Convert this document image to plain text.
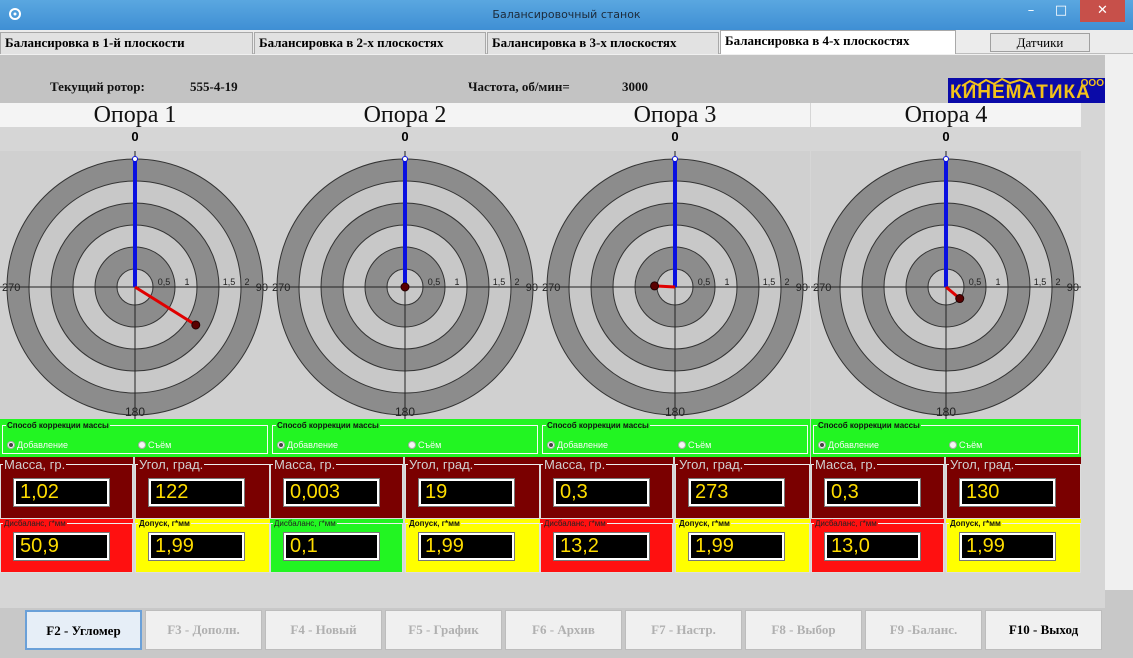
Балансировочный станок	–	□	✕
Балансировка в 1-й плоскости	Балансировка в 2-х плоскостях	Балансировка в 3-х плоскостях	Балансировка в 4-х плоскостях	Датчики
Текущий ротор:	555-4-19	Частота, об/мин=	3000	КИНЕМАТИКА
ООО
Опора 1
270	90
180
0,5 1	1,5 2
0
Способ коррекции массы
Добавление	Съём
Масса, гр.
1,02
Угол, град.
122
Дисбаланс, г*мм
50,9
Допуск, г*мм
1,99
Опора 2
270	90
180
0,5 1	1,5 2
0
Способ коррекции массы
Добавление	Съём
Масса, гр.
0,003
Угол, град.
19
Дисбаланс, г*мм
0,1
Допуск, г*мм
1,99
Опора 3
270	90
180
0,5 1	1,5 2
0
Способ коррекции массы
Добавление	Съём
Масса, гр.
0,3
Угол, град.
273
Дисбаланс, г*мм
13,2
Допуск, г*мм
1,99
Опора 4
270	90
180
0,5 1	1,5 2
0
Способ коррекции массы
Добавление	Съём
Масса, гр.
0,3
Угол, град.
130
Дисбаланс, г*мм
13,0
Допуск, г*мм
1,99
F2 - Угломер	F3 - Дополн.	F4 - Новый	F5 - График	F6 - Архив	F7 - Настр.	F8 - Выбор	F9 -Баланс.	F10 - Выход
